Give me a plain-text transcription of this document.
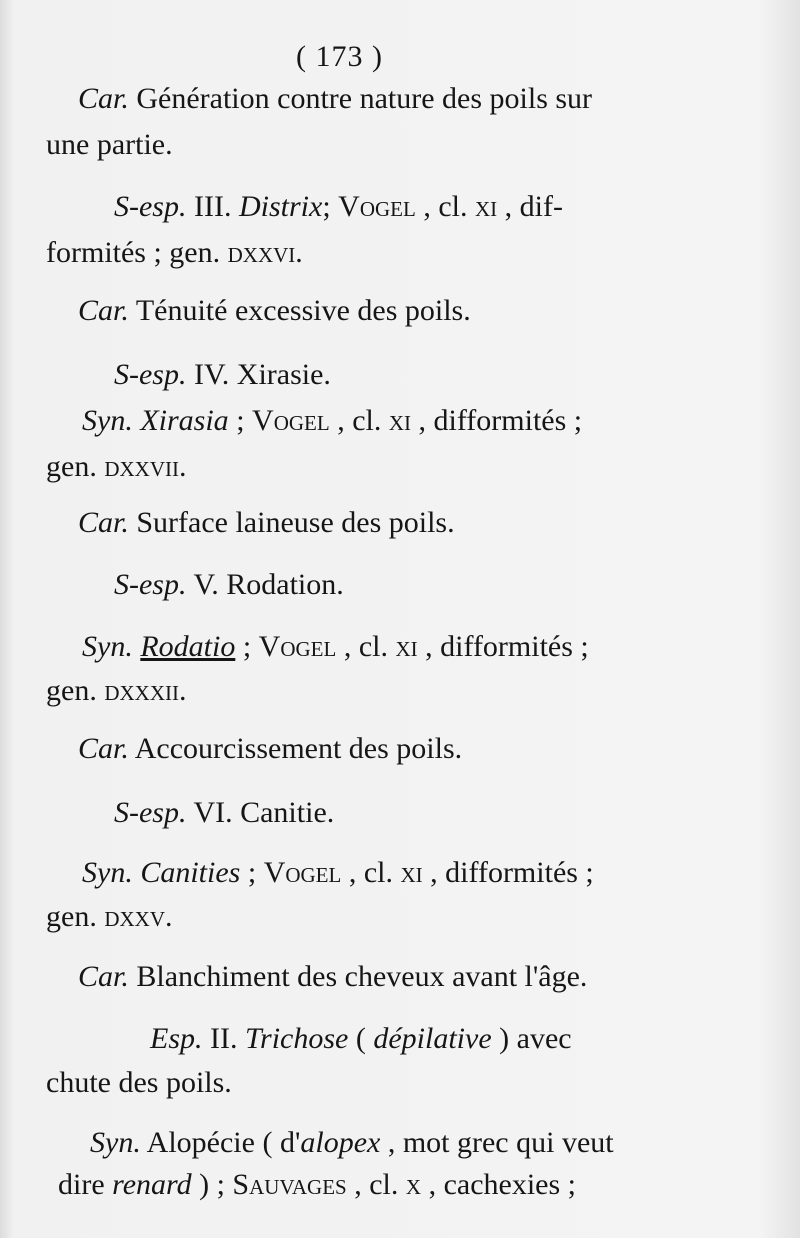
( 173 )
Car. Génération contre nature des poils sur
une partie.
S-esp. III. Distrix; Vogel , cl. xi , dif-
formités ; gen. dxxvi.
Car. Ténuité excessive des poils.
S-esp. IV. Xirasie.
Syn. Xirasia ; Vogel , cl. xi , difformités ;
gen. dxxvii.
Car. Surface laineuse des poils.
S-esp. V. Rodation.
Syn. Rodatio ; Vogel , cl. xi , difformités ;
gen. dxxxii.
Car. Accourcissement des poils.
S-esp. VI. Canitie.
Syn. Canities ; Vogel , cl. xi , difformités ;
gen. dxxv.
Car. Blanchiment des cheveux avant l'âge.
Esp. II. Trichose ( dépilative ) avec
chute des poils.
Syn. Alopécie ( d'alopex , mot grec qui veut
dire renard ) ; Sauvages , cl. x , cachexies ;
